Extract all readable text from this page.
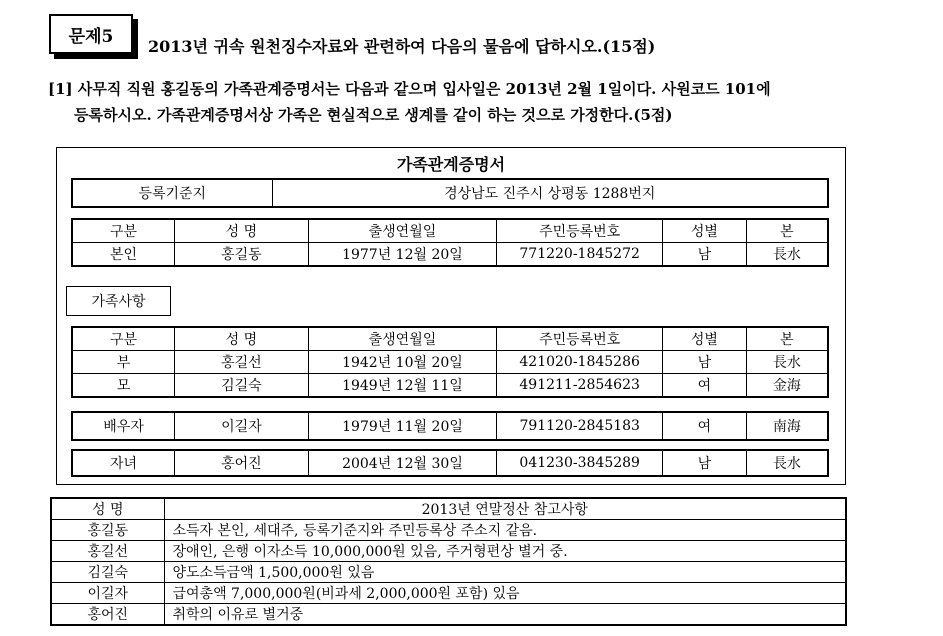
문제5 2013년 귀속 원천징수자료와 관련하여 다음의 물음에 답하시오.(15점)
[1] 사무직 직원 홍길동의 가족관계증명서는 다음과 같으며 입사일은 2013년 2월 1일이다. 사원코드 101에
등록하시오. 가족관계증명서상 가족은 현실적으로 생계를 같이 하는 것으로 가정한다.(5점)
가족관계증명서
등록기준지	경상남도 진주시 상평동 1288번지
구분	성 명	출생연월일	주민등록번호	성별	본
본인	홍길동	1977년 12월 20일	771220-1845272	남	長水
가족사항
구분	성 명	출생연월일	주민등록번호	성별	본
부	홍길선	1942년 10월 20일	421020-1845286	남	長水
모	김길숙	1949년 12월 11일	491211-2854623	여	金海
배우자	이길자	1979년 11월 20일	791120-2845183	여	南海
자녀	홍어진	2004년 12월 30일	041230-3845289	남	長水
성 명	2013년 연말정산 참고사항
홍길동	소득자 본인, 세대주, 등록기준지와 주민등록상 주소지 같음.
홍길선	장애인, 은행 이자소득 10,000,000원 있음, 주거형편상 별거 중.
김길숙	양도소득금액 1,500,000원 있음
이길자	급여총액 7,000,000원(비과세 2,000,000원 포함) 있음
홍어진	취학의 이유로 별거중
